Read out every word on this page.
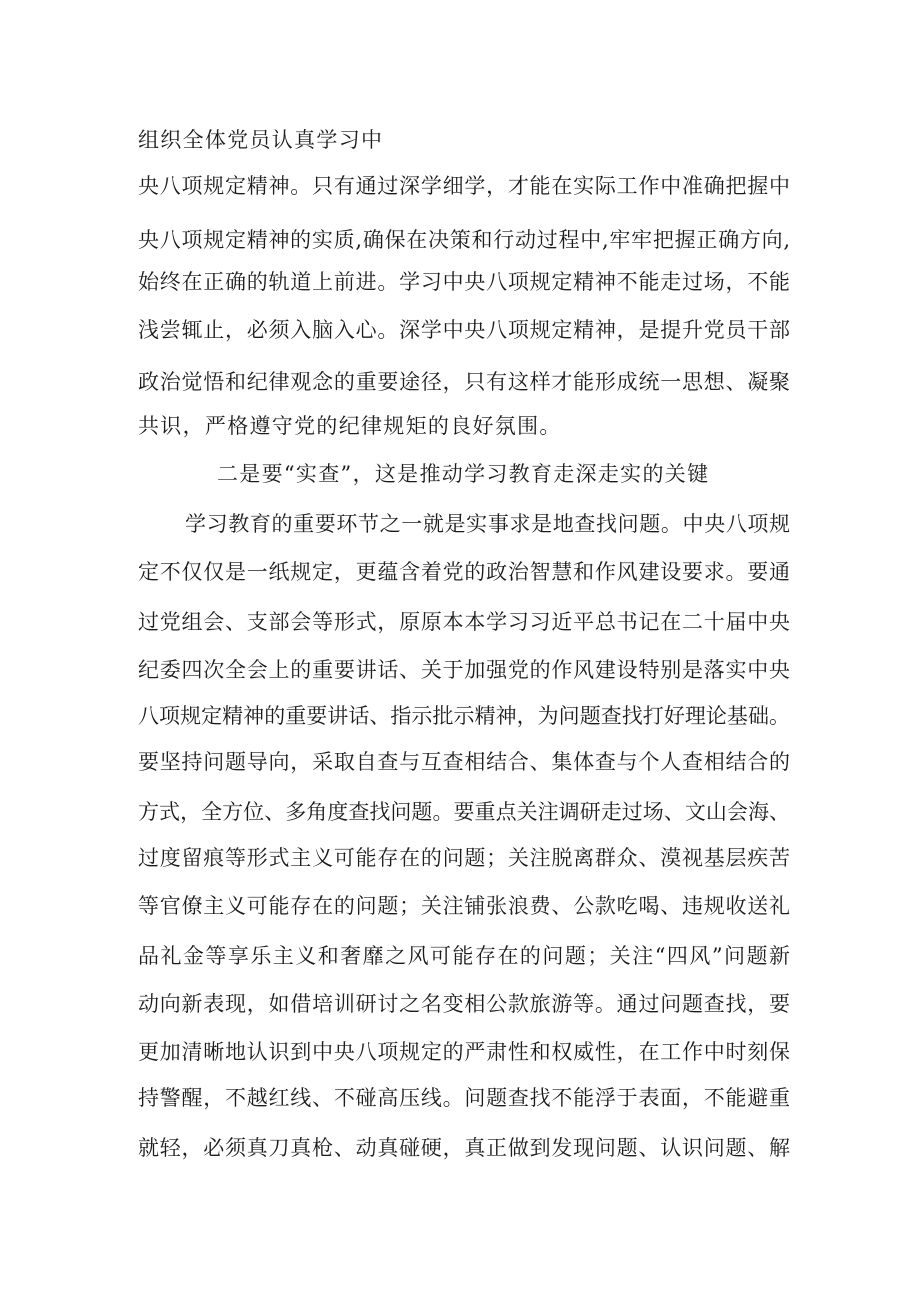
组织全体党员认真学习中
央八项规定精神。只有通过深学细学，才能在实际工作中准确把握中
央八项规定精神的实质,确保在决策和行动过程中,牢牢把握正确方向,
始终在正确的轨道上前进。学习中央八项规定精神不能走过场，不能
浅尝辄止，必须入脑入心。深学中央八项规定精神，是提升党员干部
政治觉悟和纪律观念的重要途径，只有这样才能形成统一思想、凝聚
共识，严格遵守党的纪律规矩的良好氛围。
二是要“实查”，这是推动学习教育走深走实的关键
学习教育的重要环节之一就是实事求是地查找问题。中央八项规
定不仅仅是一纸规定，更蕴含着党的政治智慧和作风建设要求。要通
过党组会、支部会等形式，原原本本学习习近平总书记在二十届中央
纪委四次全会上的重要讲话、关于加强党的作风建设特别是落实中央
八项规定精神的重要讲话、指示批示精神，为问题查找打好理论基础。
要坚持问题导向，采取自查与互查相结合、集体查与个人查相结合的
方式，全方位、多角度查找问题。要重点关注调研走过场、文山会海、
过度留痕等形式主义可能存在的问题；关注脱离群众、漠视基层疾苦
等官僚主义可能存在的问题；关注铺张浪费、公款吃喝、违规收送礼
品礼金等享乐主义和奢靡之风可能存在的问题；关注“四风”问题新
动向新表现，如借培训研讨之名变相公款旅游等。通过问题查找，要
更加清晰地认识到中央八项规定的严肃性和权威性，在工作中时刻保
持警醒，不越红线、不碰高压线。问题查找不能浮于表面，不能避重
就轻，必须真刀真枪、动真碰硬，真正做到发现问题、认识问题、解
